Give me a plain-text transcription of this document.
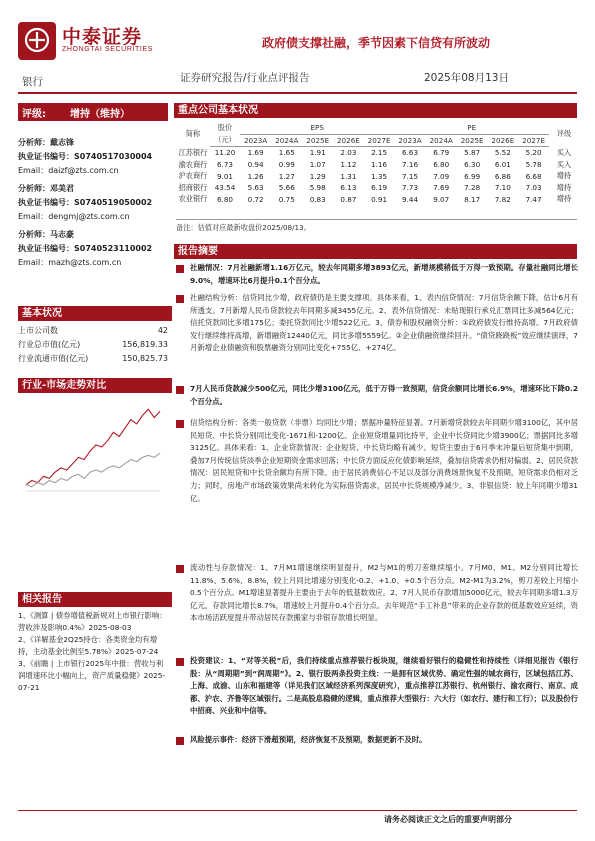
中泰证券
ZHONGTAI SECURITIES	政府债支撑社融，季节因素下信贷有所波动
银行	证券研究报告/行业点评报告	2025年08月13日
评级: 增持（维持）
分析师：戴志锋
执业证书编号：S0740517030004
Email：daizf@zts.com.cn
分析师：邓美君
执业证书编号：S0740519050002
Email：dengmj@zts.com.cn
分析师：马志豪
执业证书编号：S0740523110002
Email：mazh@zts.com.cn
基本状况
上市公司数	42
行业总市值(亿元)	156,819.33
行业流通市值(亿元)	150,825.73
行业-市场走势对比
相关报告
1、《测算 | 债券增值税新规对上市银行影响：营收涉及影响0.4%》2025-08-03
2、《详解基金2Q25持仓：各类资金均有增持，主动基金比例至5.78%》2025-07-24
3、《前瞻 | 上市银行2025年中报：营收与利润增速环比小幅向上，资产质量稳健》2025-07-21
重点公司基本状况
简称	股价	EPS					PE					评级
	（元）	2023A	2024A	2025E	2026E	2027E	2023A	2024A	2025E	2026E	2027E	
江苏银行	11.20	1.69	1.65	1.91	2.03	2.15	6.63	6.79	5.87	5.52	5.20	买入
渝农商行	6.73	0.94	0.99	1.07	1.12	1.16	7.16	6.80	6.30	6.01	5.78	买入
沪农商行	9.01	1.26	1.27	1.29	1.31	1.35	7.15	7.09	6.99	6.86	6.68	增持
招商银行	43.54	5.63	5.66	5.98	6.13	6.19	7.73	7.69	7.28	7.10	7.03	增持
农业银行	6.80	0.72	0.75	0.83	0.87	0.91	9.44	9.07	8.17	7.82	7.47	增持
备注：估值对应最新收盘价2025/08/13。
报告摘要
社融情况：7月社融新增1.16万亿元，较去年同期多增3893亿元，新增规模稍低于万得一致预期。存量社融同比增长9.0%，增速环比6月提升0.1个百分点。
社融结构分析：信贷同比少增，政府债仍是主要支撑项。具体来看，1、表内信贷情况：7月信贷余额下降，估计6月有所透支。7月新增人民币贷款较去年同期多减3455亿元。2、表外信贷情况：未贴现银行承兑汇票同比多减564亿元；信托贷款同比多增175亿；委托贷款同比少增522亿元。3、债券和股权融资分析：①政府债发行维持高增。7月政府债发行继续维持高增，新增融资12440亿元，同比多增5559亿。②企业债融资继续回升。“债贷跷跷板”效应继续演绎，7月新增企业债融资和股票融资分别同比变化+755亿、+274亿。
7月人民币贷款减少500亿元，同比少增3100亿元，低于万得一致预期，信贷余额同比增长6.9%，增速环比下降0.2个百分点。
信贷结构分析：各类一般贷款（非票）均同比少增；票据冲量特征显著。7月新增贷款较去年同期少增3100亿，其中居民短贷、中长贷分别同比变化-1671和-1200亿。企业短贷增量同比持平，企业中长贷同比少增3900亿；票据同比多增3125亿。具体来看：1、企业贷款情况：企业短贷、中长贷均略有减少。短贷主要由于6月季末冲量后短贷集中到期，叠加7月传统信贷淡季企业短期资金需求回落；中长贷方面反应化债影响延续，叠加信贷需求仍相对偏弱。2、居民贷款情况：居民短贷和中长贷余额均有所下降。由于居民消费信心不足以及部分消费场景恢复不及预期，短贷需求仍相对乏力；同时，房地产市场政策效果尚未转化为实际借贷需求，居民中长贷规模净减少。3、非银信贷：较上年同期少增31亿。
流动性与存款情况：1、7月M1增速继续明显提升，M2与M1的剪刀差继续缩小。7月M0、M1、M2分别同比增长11.8%、5.6%、8.8%，较上月同比增速分别变化-0.2、+1.0、+0.5个百分点。M2-M1为3.2%，剪刀差较上月缩小0.5个百分点。M1增速显著提升主要由于去年的低基数效应。2、7月人民币存款增加5000亿元，较去年同期多增1.3万亿元，存款同比增长8.7%，增速较上月提升0.4个百分点。去年规范“手工补息”带来的企业存款的低基数效应延续，资本市场活跃度提升带动居民存款搬家与非银存款增长明显。
投资建议：1、“对等关税”后，我们持续重点推荐银行板块现，继续看好银行的稳健性和持续性（详细见报告《银行股：从“周期期”到“润周期”》。2、银行股两条投资主线：一是拥有区域优势、确定性强的城农商行，区域包括江苏、上海、成渝、山东和福建等（详见我们区域经济系列深度研究），重点推荐江苏银行、杭州银行、渝农商行、南京、成都、沪农、齐鲁等区域银行。二是高股息稳健的逻辑，重点推荐大型银行：六大行（如农行、建行和工行）；以及股份行中招商、兴业和中信等。
风险提示事件：经济下滑超预期，经济恢复不及预期，数据更新不及时。
请务必阅读正文之后的重要声明部分
